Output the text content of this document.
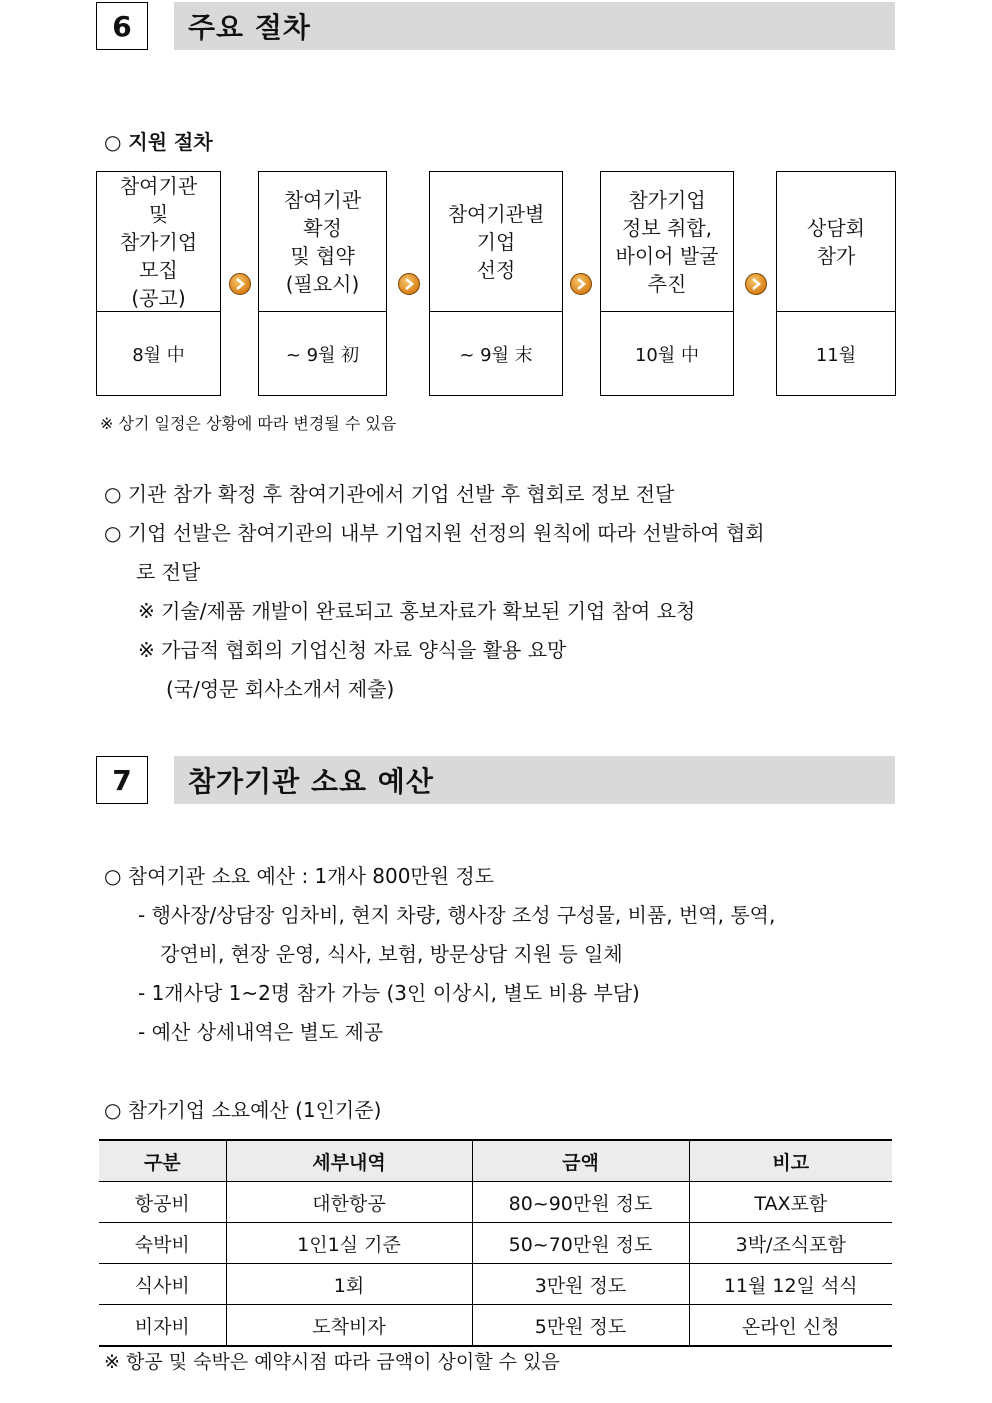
6	주요 절차
○ 지원 절차
참여기관
및
참가기업
모집
(공고)
8월 中
참여기관
확정
및 협약
(필요시)
~ 9월 初
참여기관별
기업
선정
~ 9월 末
참가기업
정보 취합,
바이어 발굴
추진
10월 中
상담회
참가
11월
※ 상기 일정은 상황에 따라 변경될 수 있음
○ 기관 참가 확정 후 참여기관에서 기업 선발 후 협회로 정보 전달
○ 기업 선발은 참여기관의 내부 기업지원 선정의 원칙에 따라 선발하여 협회
로 전달
※ 기술/제품 개발이 완료되고 홍보자료가 확보된 기업 참여 요청
※ 가급적 협회의 기업신청 자료 양식을 활용 요망
(국/영문 회사소개서 제출)
7	참가기관 소요 예산
○ 참여기관 소요 예산 : 1개사 800만원 정도
- 행사장/상담장 임차비, 현지 차량, 행사장 조성 구성물, 비품, 번역, 통역,
강연비, 현장 운영, 식사, 보험, 방문상담 지원 등 일체
- 1개사당 1~2명 참가 가능 (3인 이상시, 별도 비용 부담)
- 예산 상세내역은 별도 제공
○ 참가기업 소요예산 (1인기준)
구분	세부내역	금액	비고
항공비	대한항공	80~90만원 정도	TAX포함
숙박비	1인1실 기준	50~70만원 정도	3박/조식포함
식사비	1회	3만원 정도	11월 12일 석식
비자비	도착비자	5만원 정도	온라인 신청
※ 항공 및 숙박은 예약시점 따라 금액이 상이할 수 있음
